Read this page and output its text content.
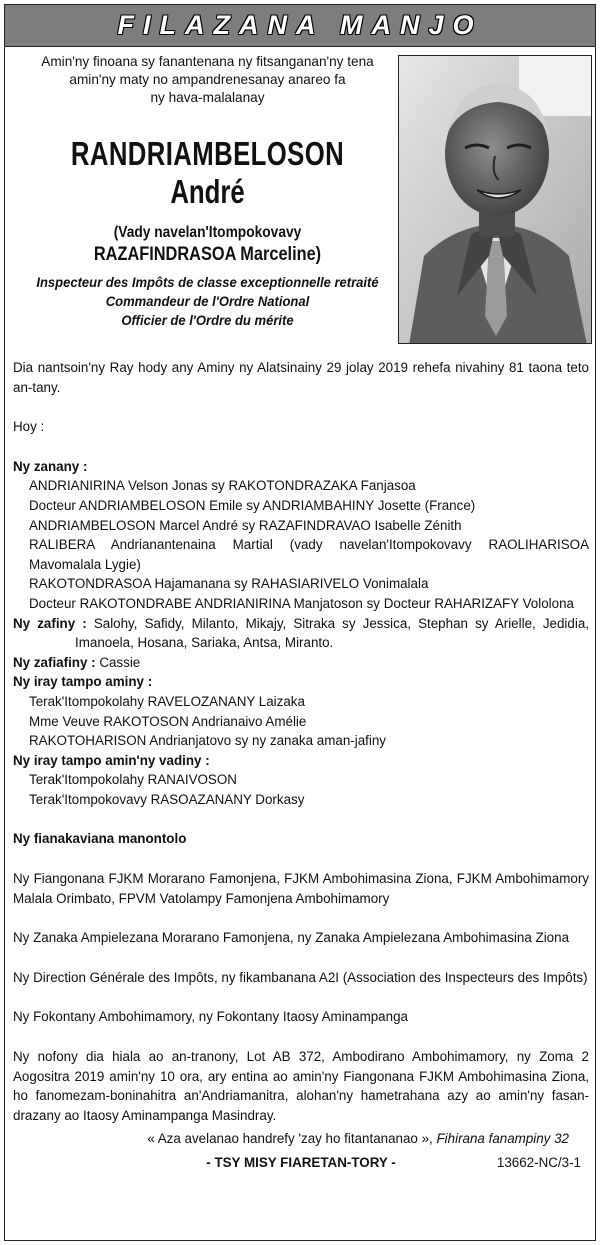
FILAZANA MANJO
Amin'ny finoana sy fanantenana ny fitsanganan'ny tena
amin'ny maty no ampandrenesanay anareo fa
ny hava-malalanay
RANDRIAMBELOSON
André
(Vady navelan'Itompokovavy
RAZAFINDRASOA Marceline)
Inspecteur des Impôts de classe exceptionnelle retraité
Commandeur de l'Ordre National
Officier de l'Ordre du mérite
Dia nantsoin'ny Ray hody any Aminy ny Alatsinainy 29 jolay 2019 rehefa nivahiny 81 taona teto an-tany.
Hoy :
Ny zanany :
ANDRIANIRINA Velson Jonas sy RAKOTONDRAZAKA Fanjasoa
Docteur ANDRIAMBELOSON Emile sy ANDRIAMBAHINY Josette (France)
ANDRIAMBELOSON Marcel André sy RAZAFINDRAVAO Isabelle Zénith
RALIBERA Andrianantenaina Martial (vady navelan'Itompokovavy RAOLIHARISOA Mavomalala Lygie)
RAKOTONDRASOA Hajamanana sy RAHASIARIVELO Vonimalala
Docteur RAKOTONDRABE ANDRIANIRINA Manjatoson sy Docteur RAHARIZAFY Vololona
Ny zafiny : Salohy, Safidy, Milanto, Mikajy, Sitraka sy Jessica, Stephan sy Arielle, Jedidia, Imanoela, Hosana, Sariaka, Antsa, Miranto.
Ny zafiafiny : Cassie
Ny iray tampo aminy :
Terak'Itompokolahy RAVELOZANANY Laizaka
Mme Veuve RAKOTOSON Andrianaivo Amélie
RAKOTOHARISON Andrianjatovo sy ny zanaka aman-jafiny
Ny iray tampo amin'ny vadiny :
Terak'Itompokolahy RANAIVOSON
Terak'Itompokovavy RASOAZANANY Dorkasy
Ny fianakaviana manontolo
Ny Fiangonana FJKM Morarano Famonjena, FJKM Ambohimasina Ziona, FJKM Ambohimamory Malala Orimbato, FPVM Vatolampy Famonjena Ambohimamory
Ny Zanaka Ampielezana Morarano Famonjena, ny Zanaka Ampielezana Ambohimasina Ziona
Ny Direction Générale des Impôts, ny fikambanana A2I (Association des Inspecteurs des Impôts)
Ny Fokontany Ambohimamory, ny Fokontany Itaosy Aminampanga
Ny nofony dia hiala ao an-tranony, Lot AB 372, Ambodirano Ambohimamory, ny Zoma 2 Aogositra 2019 amin'ny 10 ora, ary entina ao amin'ny Fiangonana FJKM Ambohimasina Ziona, ho fanomezam-boninahitra an'Andriamanitra, alohan'ny hametrahana azy ao amin'ny fasan-drazany ao Itaosy Aminampanga Masindray.
« Aza avelanao handrefy 'zay ho fitantananao », Fihirana fanampiny 32
- TSY MISY FIARETAN-TORY -	13662-NC/3-1
